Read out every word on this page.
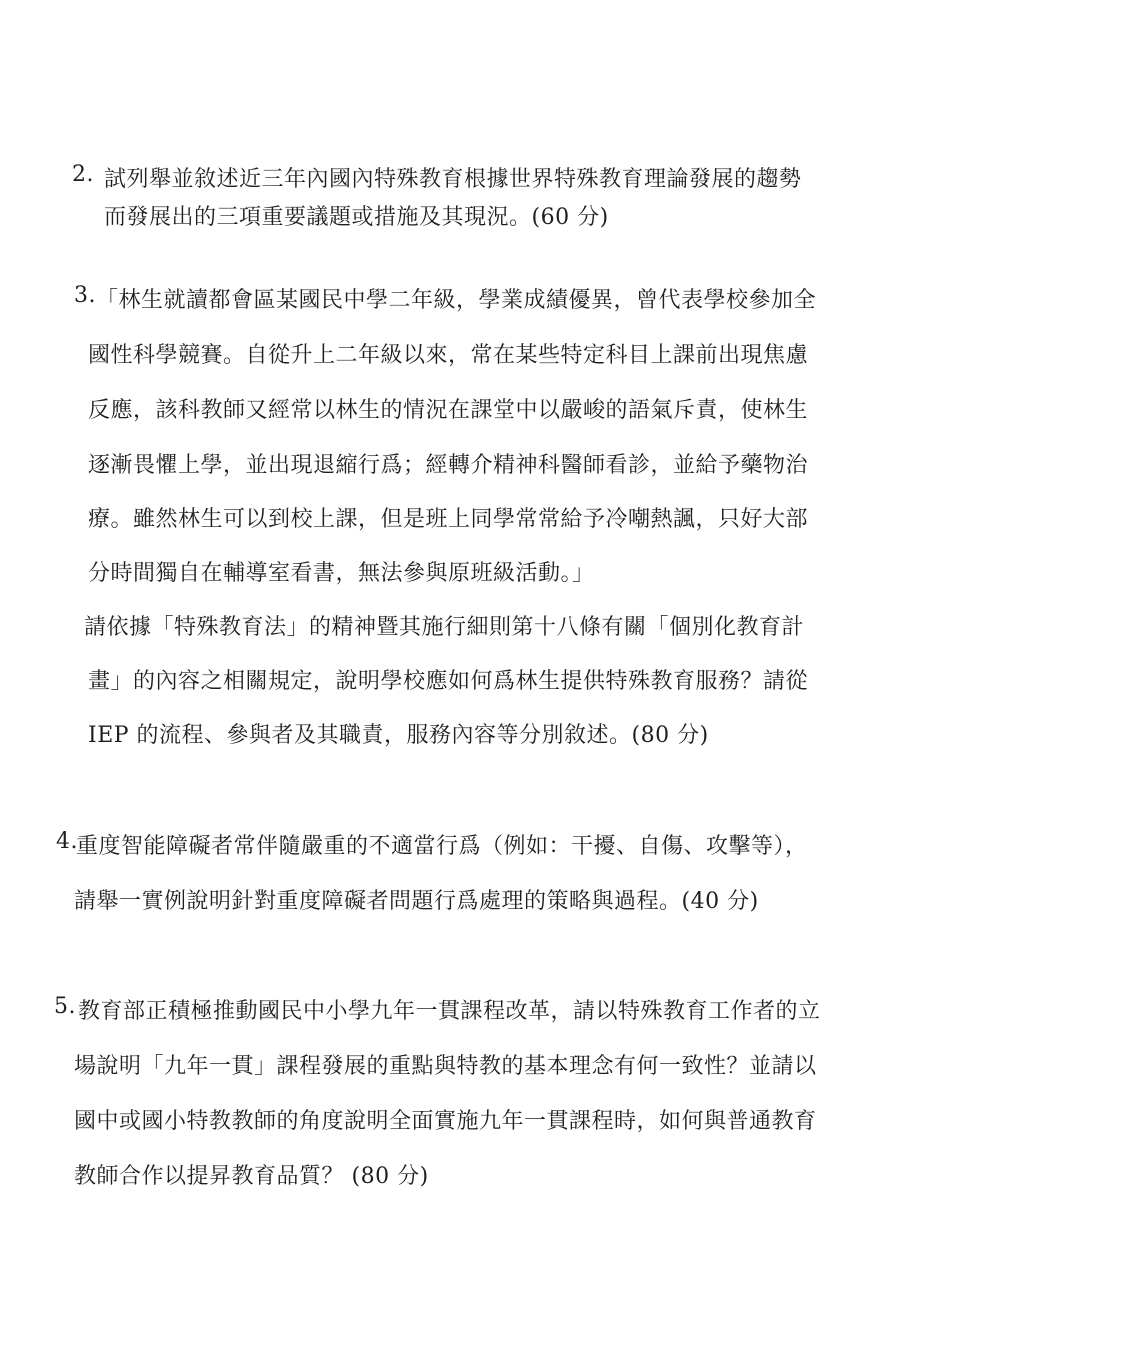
2. 試列舉並敘述近三年內國內特殊教育根據世界特殊教育理論發展的趨勢
而發展出的三項重要議題或措施及其現況。(60 分)
3. 「林生就讀都會區某國民中學二年級，學業成績優異，曾代表學校參加全
國性科學競賽。自從升上二年級以來，常在某些特定科目上課前出現焦慮
反應，該科教師又經常以林生的情況在課堂中以嚴峻的語氣斥責，使林生
逐漸畏懼上學，並出現退縮行爲；經轉介精神科醫師看診，並給予藥物治
療。雖然林生可以到校上課，但是班上同學常常給予冷嘲熱諷，只好大部
分時間獨自在輔導室看書，無法參與原班級活動。」
請依據「特殊教育法」的精神暨其施行細則第十八條有關「個別化教育計
畫」的內容之相關規定，說明學校應如何爲林生提供特殊教育服務？請從
IEP 的流程、參與者及其職責，服務內容等分別敘述。(80 分)
4.
重度智能障礙者常伴隨嚴重的不適當行爲（例如：干擾、自傷、攻擊等），
請舉一實例說明針對重度障礙者問題行爲處理的策略與過程。(40 分)
5. 教育部正積極推動國民中小學九年一貫課程改革，請以特殊教育工作者的立
場說明「九年一貫」課程發展的重點與特教的基本理念有何一致性？並請以
國中或國小特教教師的角度說明全面實施九年一貫課程時，如何與普通教育
教師合作以提昇教育品質？ (80 分)
